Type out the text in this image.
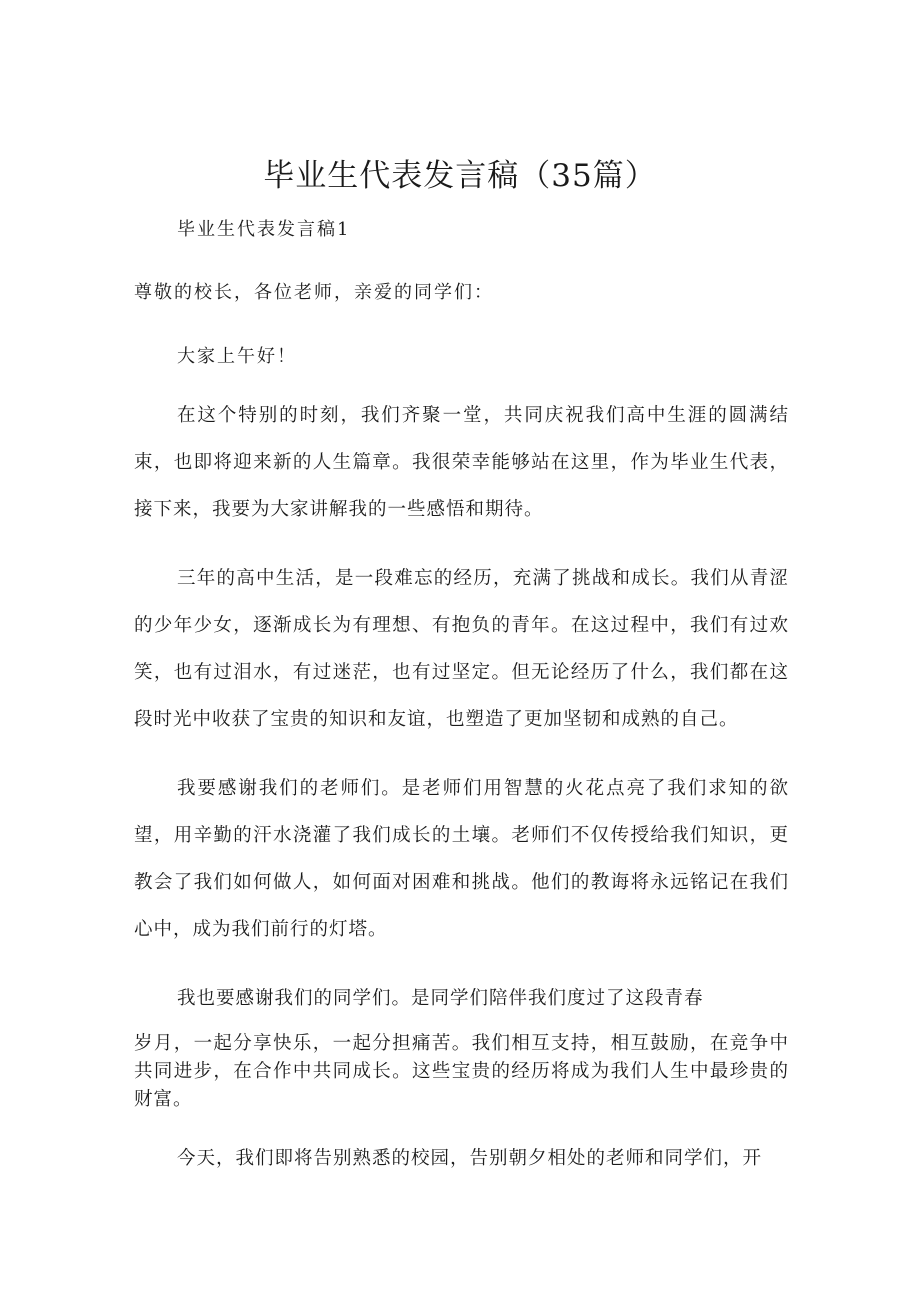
毕业生代表发言稿（35篇）
毕业生代表发言稿1
尊敬的校长，各位老师，亲爱的同学们：
大家上午好！

在这个特别的时刻，我们齐聚一堂，共同庆祝我们高中生涯的圆满结束，也即将迎来新的人生篇章。我很荣幸能够站在这里，作为毕业生代表，接下来，我要为大家讲解我的一些感悟和期待。

三年的高中生活，是一段难忘的经历，充满了挑战和成长。我们从青涩的少年少女，逐渐成长为有理想、有抱负的青年。在这过程中，我们有过欢笑，也有过泪水，有过迷茫，也有过坚定。但无论经历了什么，我们都在这段时光中收获了宝贵的知识和友谊，也塑造了更加坚韧和成熟的自己。

我要感谢我们的老师们。是老师们用智慧的火花点亮了我们求知的欲望，用辛勤的汗水浇灌了我们成长的土壤。老师们不仅传授给我们知识，更教会了我们如何做人，如何面对困难和挑战。他们的教诲将永远铭记在我们心中，成为我们前行的灯塔。

我也要感谢我们的同学们。是同学们陪伴我们度过了这段青春

岁月，一起分享快乐，一起分担痛苦。我们相互支持，相互鼓励，在竞争中共同进步，在合作中共同成长。这些宝贵的经历将成为我们人生中最珍贵的财富。

今天，我们即将告别熟悉的校园，告别朝夕相处的老师和同学们，开
